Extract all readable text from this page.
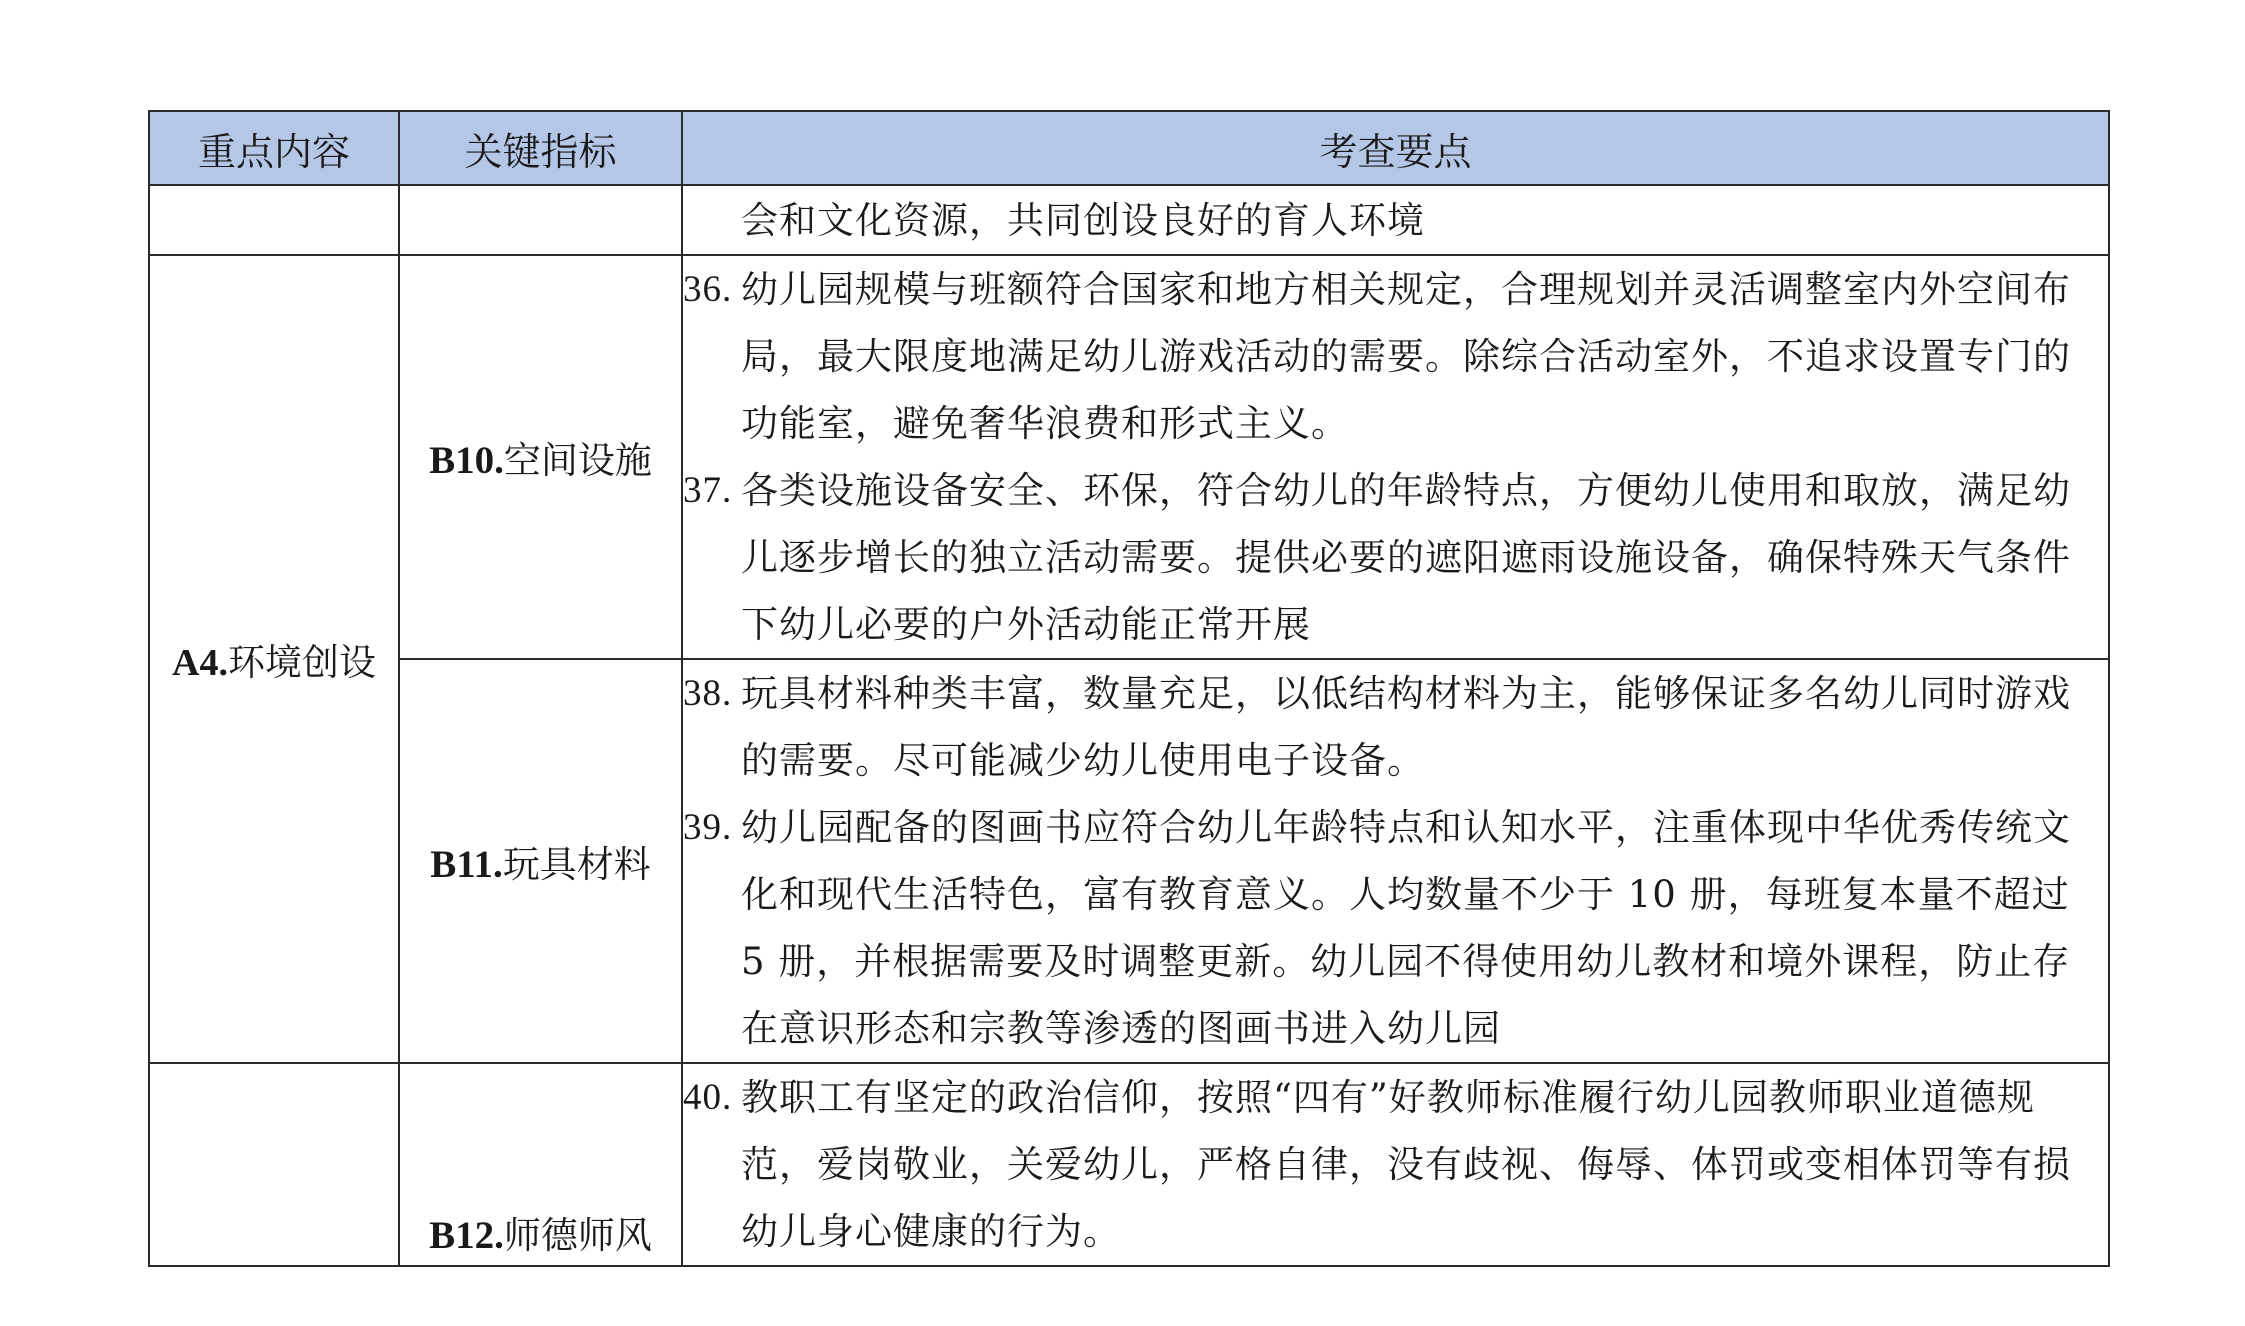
重点内容	关键指标	考查要点

		会和文化资源，共同创设良好的育人环境

A4.环境创设	B10.空间设施	36. 幼儿园规模与班额符合国家和地方相关规定，合理规划并灵活调整室内外空间布局，最大限度地满足幼儿游戏活动的需要。除综合活动室外，不追求设置专门的功能室，避免奢华浪费和形式主义。
37. 各类设施设备安全、环保，符合幼儿的年龄特点，方便幼儿使用和取放，满足幼儿逐步增长的独立活动需要。提供必要的遮阳遮雨设施设备，确保特殊天气条件下幼儿必要的户外活动能正常开展

	B11.玩具材料	38. 玩具材料种类丰富，数量充足，以低结构材料为主，能够保证多名幼儿同时游戏的需要。尽可能减少幼儿使用电子设备。
39. 幼儿园配备的图画书应符合幼儿年龄特点和认知水平，注重体现中华优秀传统文化和现代生活特色，富有教育意义。人均数量不少于 10 册，每班复本量不超过 5 册，并根据需要及时调整更新。幼儿园不得使用幼儿教材和境外课程，防止存在意识形态和宗教等渗透的图画书进入幼儿园

	B12.师德师风	40. 教职工有坚定的政治信仰，按照“四有”好教师标准履行幼儿园教师职业道德规范，爱岗敬业，关爱幼儿，严格自律，没有歧视、侮辱、体罚或变相体罚等有损幼儿身心健康的行为。
